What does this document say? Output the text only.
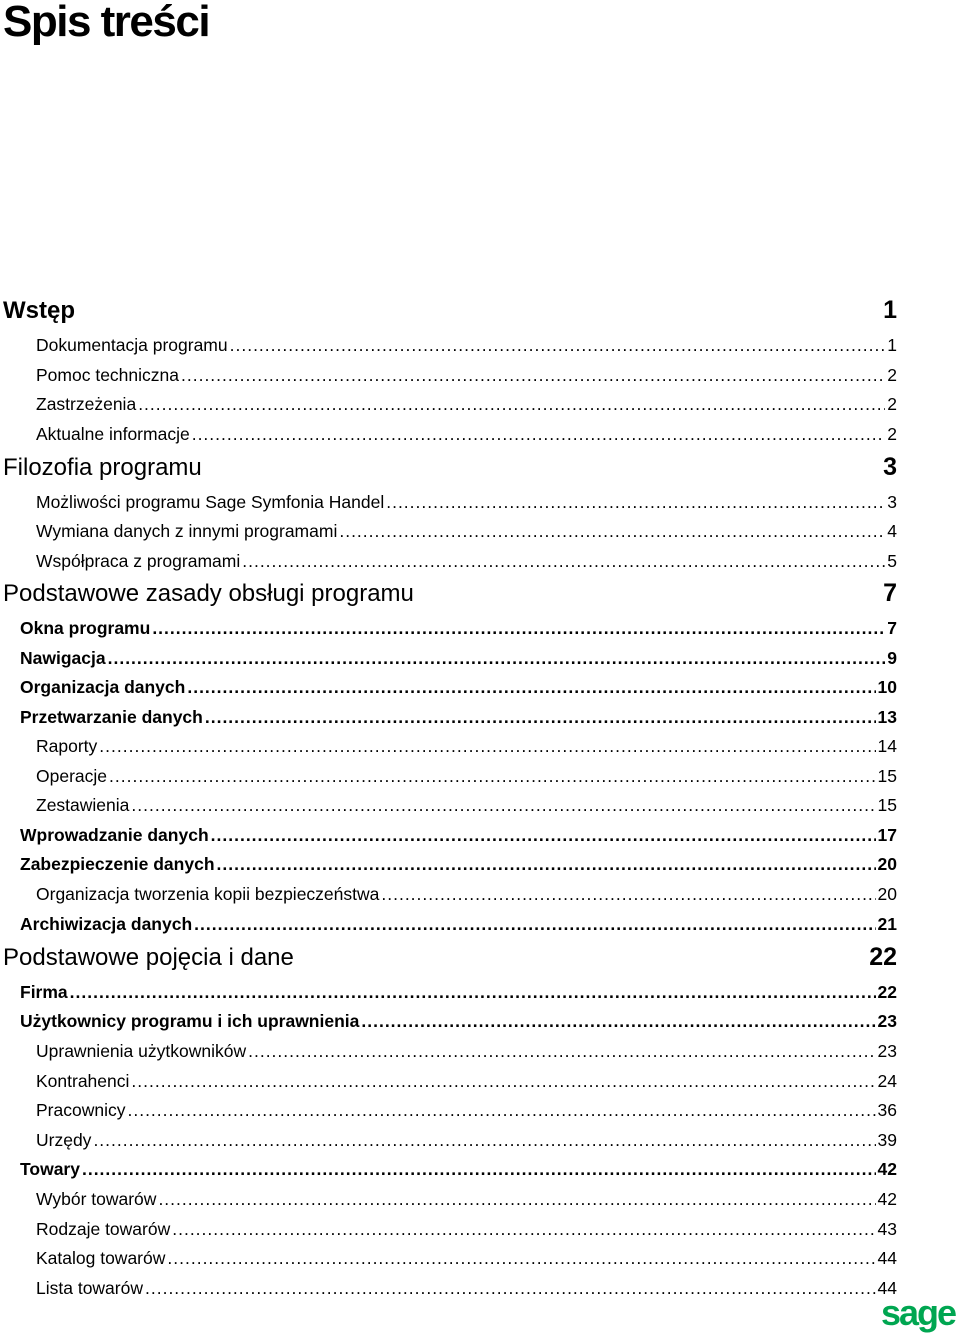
Spis treści
Wstęp	1
Dokumentacja programu .....	1
Pomoc techniczna .....	2
Zastrzeżenia .....	2
Aktualne informacje .....	2
Filozofia programu	3
Możliwości programu Sage Symfonia Handel .....	3
Wymiana danych z innymi programami .....	4
Współpraca z programami .....	5
Podstawowe zasady obsługi programu	7
Okna programu .....	7
Nawigacja .....	9
Organizacja danych .....	10
Przetwarzanie danych .....	13
Raporty .....	14
Operacje .....	15
Zestawienia .....	15
Wprowadzanie danych .....	17
Zabezpieczenie danych .....	20
Organizacja tworzenia kopii bezpieczeństwa .....	20
Archiwizacja danych .....	21
Podstawowe pojęcia i dane	22
Firma .....	22
Użytkownicy programu i ich uprawnienia .....	23
Uprawnienia użytkowników .....	23
Kontrahenci .....	24
Pracownicy .....	36
Urzędy .....	39
Towary .....	42
Wybór towarów .....	42
Rodzaje towarów .....	43
Katalog towarów .....	44
Lista towarów .....	44
sage
